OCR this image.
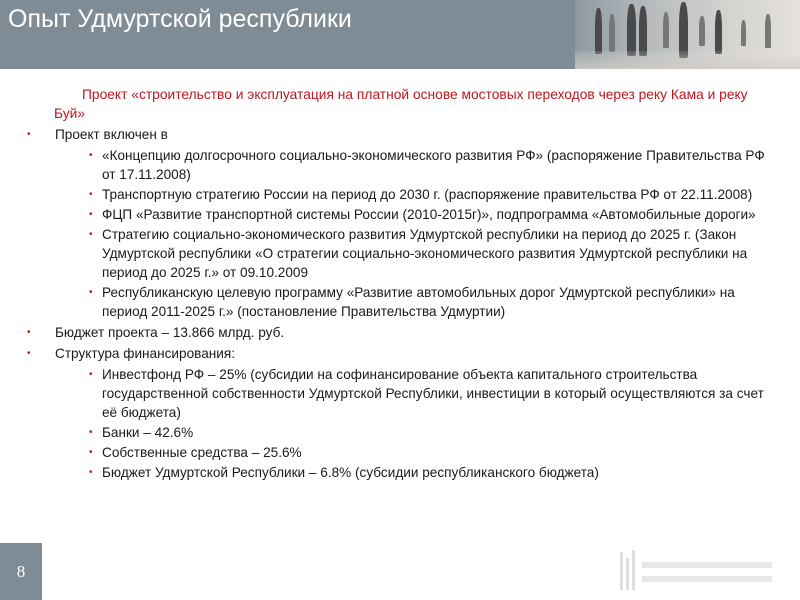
Опыт Удмуртской республики
Проект «строительство и эксплуатация на платной основе мостовых переходов через реку Кама и реку Буй»
• Проект включен в
• «Концепцию долгосрочного социально-экономического развития РФ» (распоряжение Правительства РФ от 17.11.2008)
• Транспортную стратегию России на период до 2030 г. (распоряжение правительства РФ от 22.11.2008)
• ФЦП «Развитие транспортной системы России (2010-2015г)», подпрограмма «Автомобильные дороги»
• Стратегию социально-экономического развития Удмуртской республики на период до 2025 г. (Закон Удмуртской республики «О стратегии социально-экономического развития Удмуртской республики на период до 2025 г.» от 09.10.2009
• Республиканскую целевую программу «Развитие автомобильных дорог Удмуртской республики» на период 2011-2025 г.» (постановление Правительства Удмуртии)
• Бюджет проекта – 13.866 млрд. руб.
• Структура финансирования:
• Инвестфонд РФ – 25% (субсидии на софинансирование объекта капитального строительства государственной собственности Удмуртской Республики, инвестиции в который осуществляются за счет её бюджета)
• Банки – 42.6%
• Собственные средства – 25.6%
• Бюджет Удмуртской Республики – 6.8% (субсидии республиканского бюджета)
8
